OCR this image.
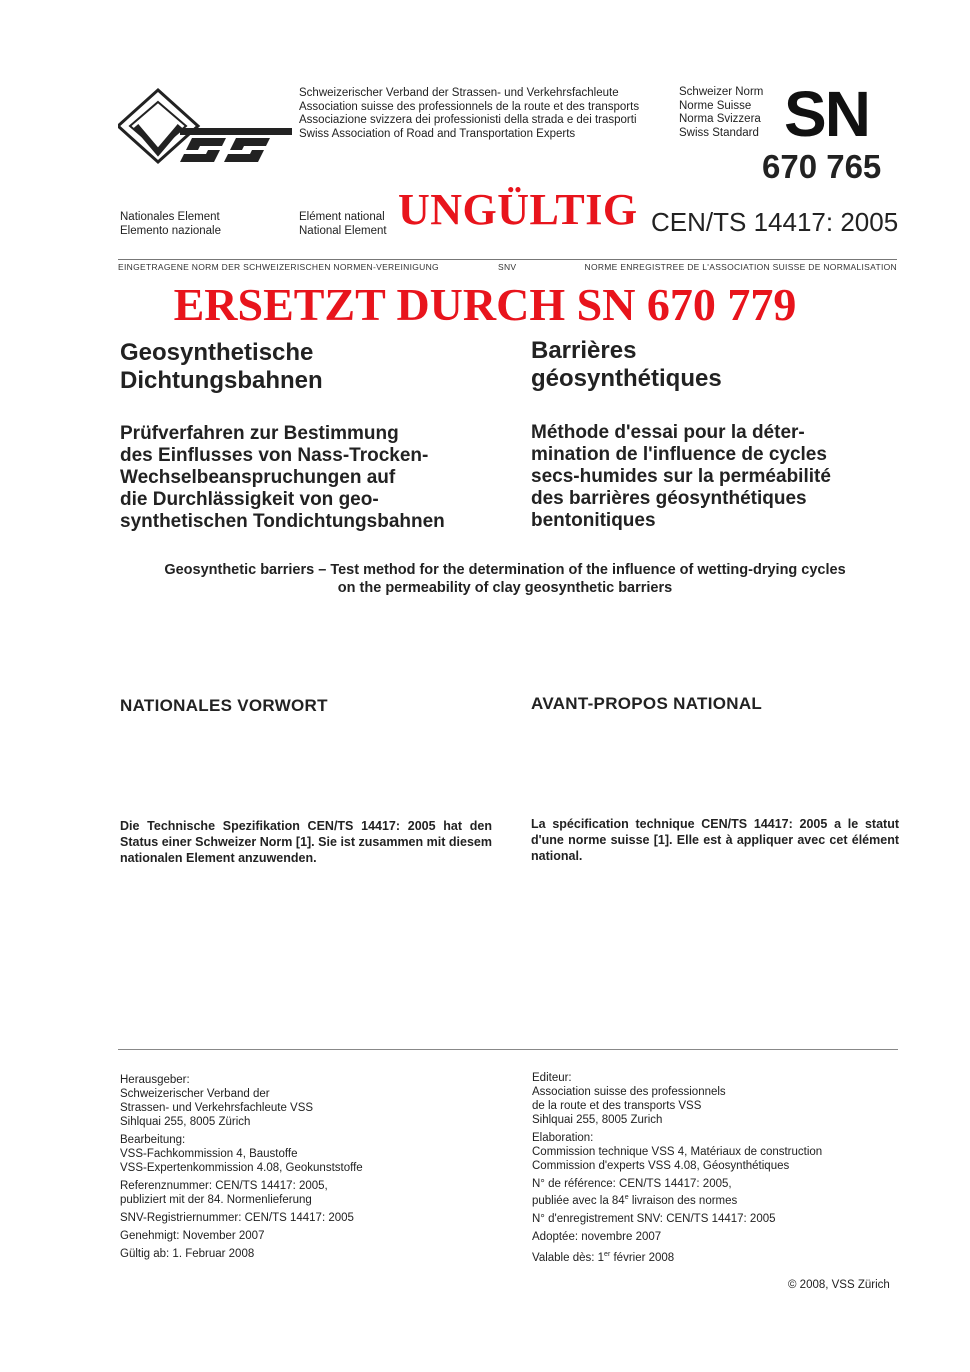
Schweizerischer Verband der Strassen- und Verkehrsfachleute
Association suisse des professionnels de la route et des transports
Associazione svizzera dei professionisti della strada e dei trasporti
Swiss Association of Road and Transportation Experts
Schweizer Norm
Norme Suisse
Norma Svizzera
Swiss Standard SN
670 765
Nationales Element
Elemento nazionale
Elément national
National Element UNGÜLTIG CEN/TS 14417: 2005
EINGETRAGENE NORM DER SCHWEIZERISCHEN NORMEN-VEREINIGUNG	SNV	NORME ENREGISTREE DE L'ASSOCIATION SUISSE DE NORMALISATION
ERSETZT DURCH SN 670 779
Geosynthetische
Dichtungsbahnen
Barrières
géosynthétiques
Prüfverfahren zur Bestimmung
des Einflusses von Nass-Trocken-
Wechselbeanspruchungen auf
die Durchlässigkeit von geo-
synthetischen Tondichtungsbahnen
Méthode d'essai pour la déter-
mination de l'influence de cycles
secs-humides sur la perméabilité
des barrières géosynthétiques
bentonitiques
Geosynthetic barriers – Test method for the determination of the influence of wetting-drying cycles
on the permeability of clay geosynthetic barriers
NATIONALES VORWORT	AVANT-PROPOS NATIONAL
Die Technische Spezifikation CEN/TS 14417: 2005 hat den Status einer Schweizer Norm [1]. Sie ist zusammen mit diesem nationalen Element anzuwenden.
La spécification technique CEN/TS 14417: 2005 a le statut d'une norme suisse [1]. Elle est à appliquer avec cet élément national.
Herausgeber:
Schweizerischer Verband der
Strassen- und Verkehrsfachleute VSS
Sihlquai 255, 8005 Zürich
Bearbeitung:
VSS-Fachkommission 4, Baustoffe
VSS-Expertenkommission 4.08, Geokunststoffe
Referenznummer: CEN/TS 14417: 2005,
publiziert mit der 84. Normenlieferung
SNV-Registriernummer: CEN/TS 14417: 2005
Genehmigt: November 2007
Gültig ab: 1. Februar 2008
Editeur:
Association suisse des professionnels
de la route et des transports VSS
Sihlquai 255, 8005 Zurich
Elaboration:
Commission technique VSS 4, Matériaux de construction
Commission d'experts VSS 4.08, Géosynthétiques
N° de référence: CEN/TS 14417: 2005,
publiée avec la 84e livraison des normes
N° d'enregistrement SNV: CEN/TS 14417: 2005
Adoptée: novembre 2007
Valable dès: 1er février 2008
© 2008, VSS Zürich
